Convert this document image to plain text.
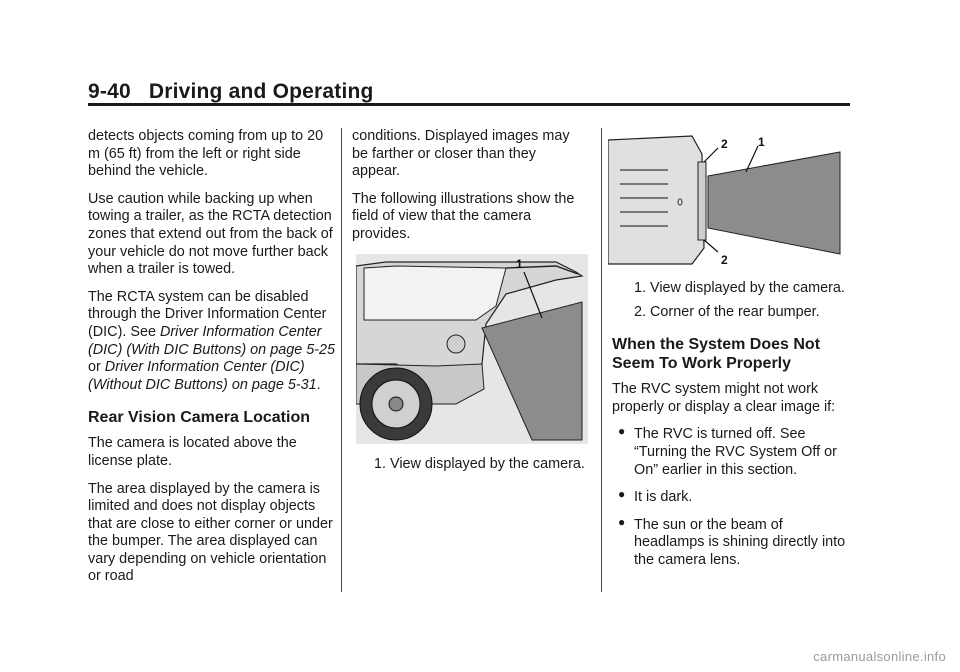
9-40 Driving and Operating

detects objects coming from up to 20 m (65 ft) from the left or right side behind the vehicle.

Use caution while backing up when towing a trailer, as the RCTA detection zones that extend out from the back of your vehicle do not move further back when a trailer is towed.

The RCTA system can be disabled through the Driver Information Center (DIC). See Driver Information Center (DIC) (With DIC Buttons) on page 5-25 or Driver Information Center (DIC) (Without DIC Buttons) on page 5-31.

Rear Vision Camera Location

The camera is located above the license plate.

The area displayed by the camera is limited and does not display objects that are close to either corner or under the bumper. The area displayed can vary depending on vehicle orientation or road

conditions. Displayed images may be farther or closer than they appear.

The following illustrations show the field of view that the camera provides.

1

1. View displayed by the camera.

2	1
2

1. View displayed by the camera.

2. Corner of the rear bumper.

When the System Does Not Seem To Work Properly

The RVC system might not work properly or display a clear image if:

● The RVC is turned off. See “Turning the RVC System Off or On” earlier in this section.
● It is dark.
● The sun or the beam of headlamps is shining directly into the camera lens.
carmanualsonline.info
